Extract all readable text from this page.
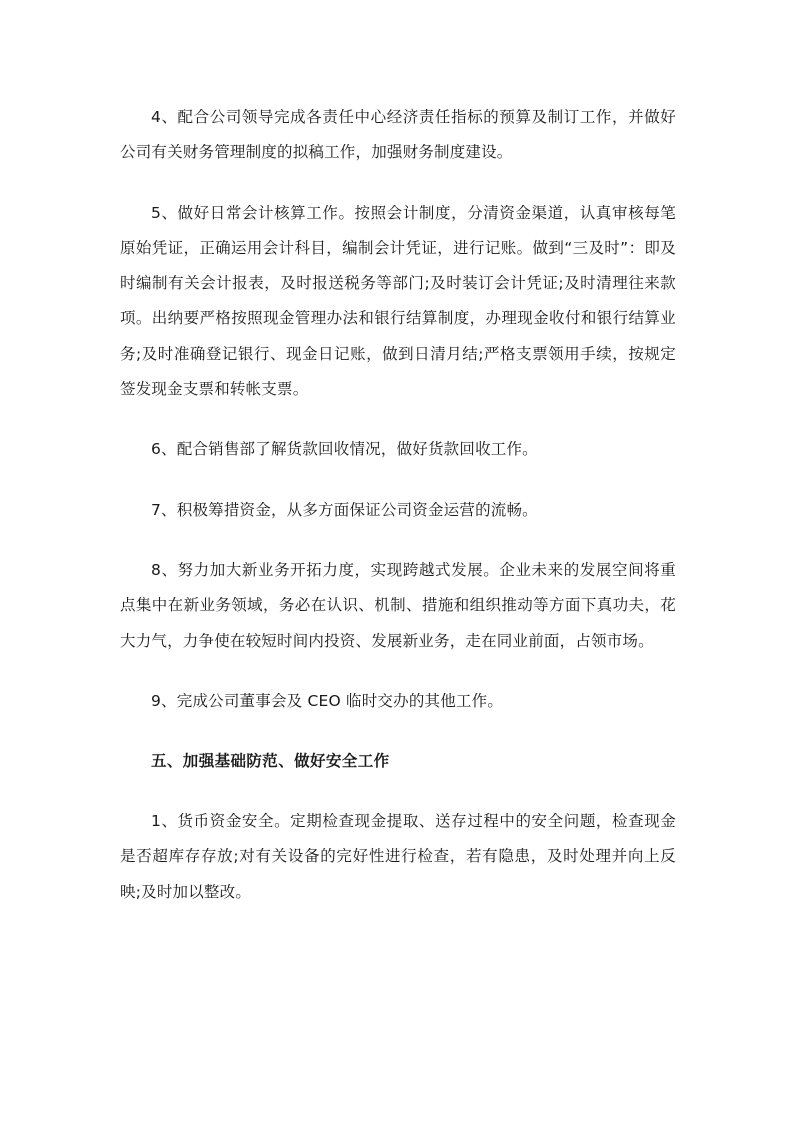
4、配合公司领导完成各责任中心经济责任指标的预算及制订工作，并做好公司有关财务管理制度的拟稿工作，加强财务制度建设。

5、做好日常会计核算工作。按照会计制度，分清资金渠道，认真审核每笔原始凭证，正确运用会计科目，编制会计凭证，进行记账。做到“三及时”：即及时编制有关会计报表，及时报送税务等部门;及时装订会计凭证;及时清理往来款项。出纳要严格按照现金管理办法和银行结算制度，办理现金收付和银行结算业务;及时准确登记银行、现金日记账，做到日清月结;严格支票领用手续，按规定签发现金支票和转帐支票。

6、配合销售部了解货款回收情况，做好货款回收工作。

7、积极筹措资金，从多方面保证公司资金运营的流畅。

8、努力加大新业务开拓力度，实现跨越式发展。企业未来的发展空间将重点集中在新业务领域，务必在认识、机制、措施和组织推动等方面下真功夫，花大力气，力争使在较短时间内投资、发展新业务，走在同业前面，占领市场。

9、完成公司董事会及 CEO 临时交办的其他工作。

五、加强基础防范、做好安全工作

1、货币资金安全。定期检查现金提取、送存过程中的安全问题，检查现金是否超库存存放;对有关设备的完好性进行检查，若有隐患，及时处理并向上反映;及时加以整改。
